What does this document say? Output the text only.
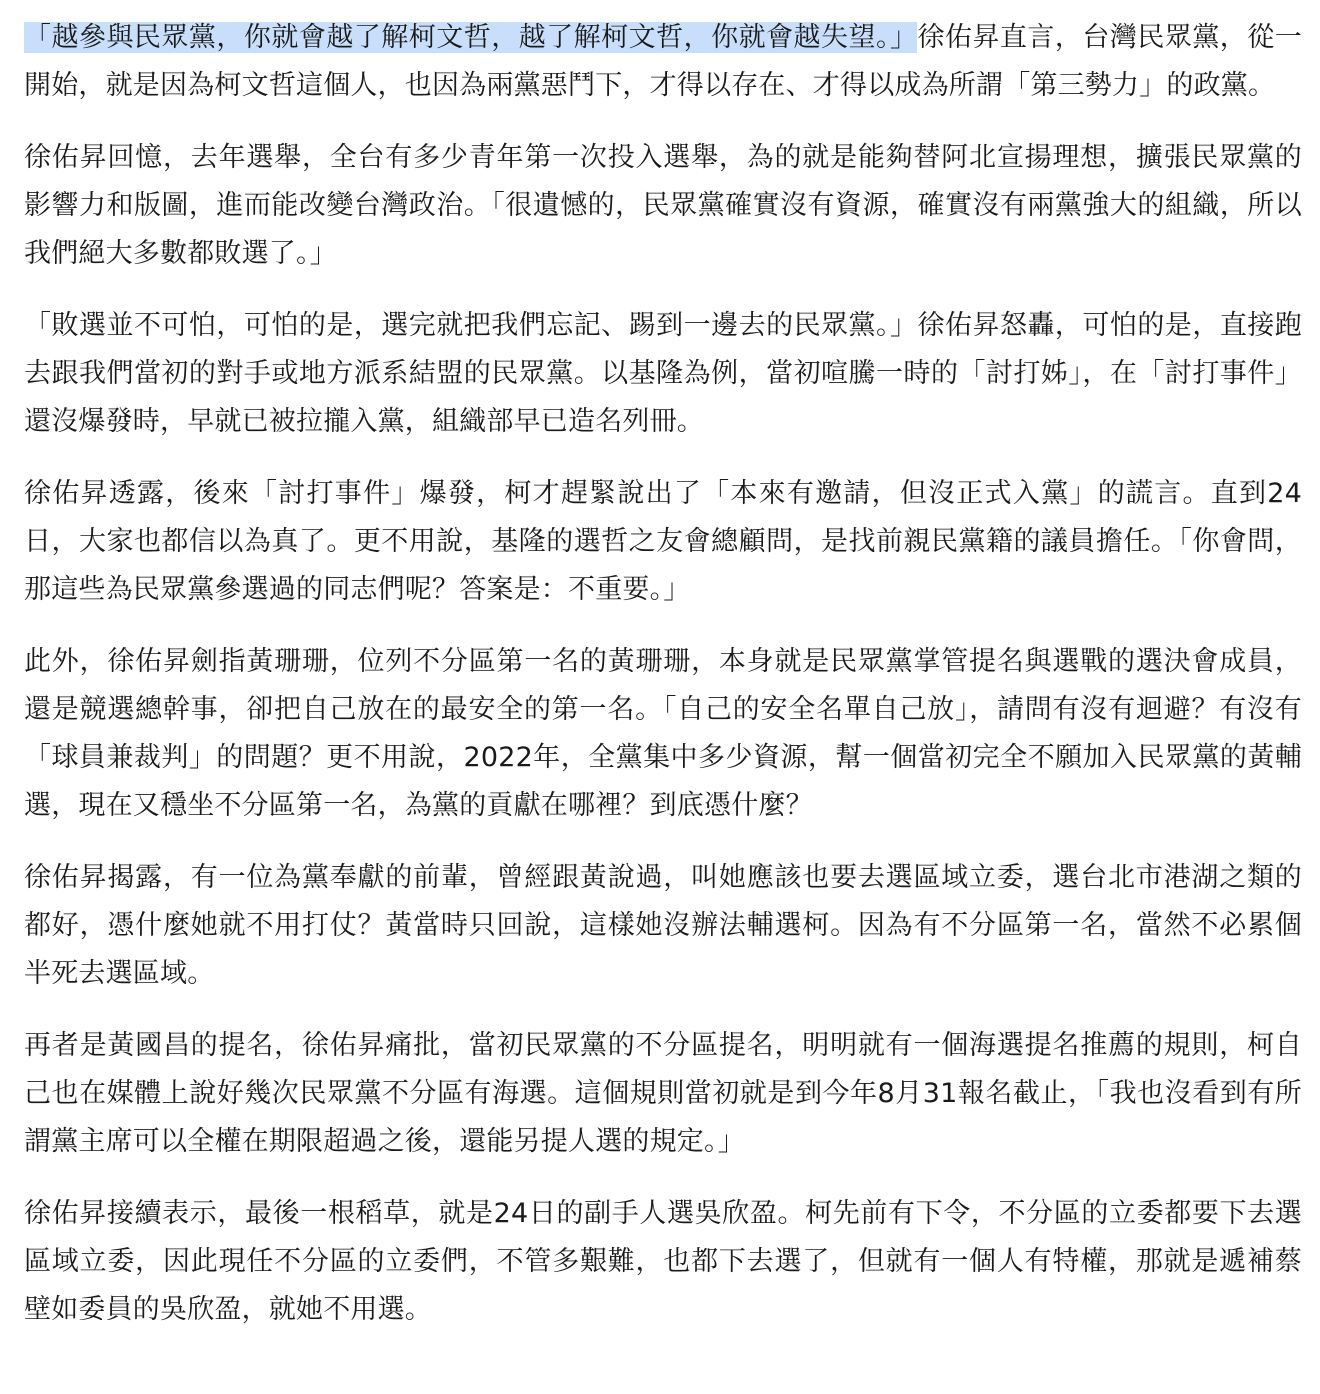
「越參與民眾黨，你就會越了解柯文哲，越了解柯文哲，你就會越失望。」徐佑昇直言，台灣民眾黨，從一開始，就是因為柯文哲這個人，也因為兩黨惡鬥下，才得以存在、才得以成為所謂「第三勢力」的政黨。

徐佑昇回憶，去年選舉，全台有多少青年第一次投入選舉，為的就是能夠替阿北宣揚理想，擴張民眾黨的影響力和版圖，進而能改變台灣政治。「很遺憾的，民眾黨確實沒有資源，確實沒有兩黨強大的組織，所以我們絕大多數都敗選了。」

「敗選並不可怕，可怕的是，選完就把我們忘記、踢到一邊去的民眾黨。」徐佑昇怒轟，可怕的是，直接跑去跟我們當初的對手或地方派系結盟的民眾黨。以基隆為例，當初喧騰一時的「討打姊」，在「討打事件」還沒爆發時，早就已被拉攏入黨，組織部早已造名列冊。

徐佑昇透露，後來「討打事件」爆發，柯才趕緊說出了「本來有邀請，但沒正式入黨」的謊言。直到24日，大家也都信以為真了。更不用說，基隆的選哲之友會總顧問，是找前親民黨籍的議員擔任。「你會問，那這些為民眾黨參選過的同志們呢？答案是：不重要。」

此外，徐佑昇劍指黃珊珊，位列不分區第一名的黃珊珊，本身就是民眾黨掌管提名與選戰的選決會成員，還是競選總幹事，卻把自己放在的最安全的第一名。「自己的安全名單自己放」，請問有沒有迴避？有沒有「球員兼裁判」的問題？更不用說，2022年，全黨集中多少資源，幫一個當初完全不願加入民眾黨的黃輔選，現在又穩坐不分區第一名，為黨的貢獻在哪裡？到底憑什麼？

徐佑昇揭露，有一位為黨奉獻的前輩，曾經跟黃說過，叫她應該也要去選區域立委，選台北市港湖之類的都好，憑什麼她就不用打仗？黃當時只回說，這樣她沒辦法輔選柯。因為有不分區第一名，當然不必累個半死去選區域。

再者是黃國昌的提名，徐佑昇痛批，當初民眾黨的不分區提名，明明就有一個海選提名推薦的規則，柯自己也在媒體上說好幾次民眾黨不分區有海選。這個規則當初就是到今年8月31報名截止，「我也沒看到有所謂黨主席可以全權在期限超過之後，還能另提人選的規定。」

徐佑昇接續表示，最後一根稻草，就是24日的副手人選吳欣盈。柯先前有下令，不分區的立委都要下去選區域立委，因此現任不分區的立委們，不管多艱難，也都下去選了，但就有一個人有特權，那就是遞補蔡壁如委員的吳欣盈，就她不用選。
